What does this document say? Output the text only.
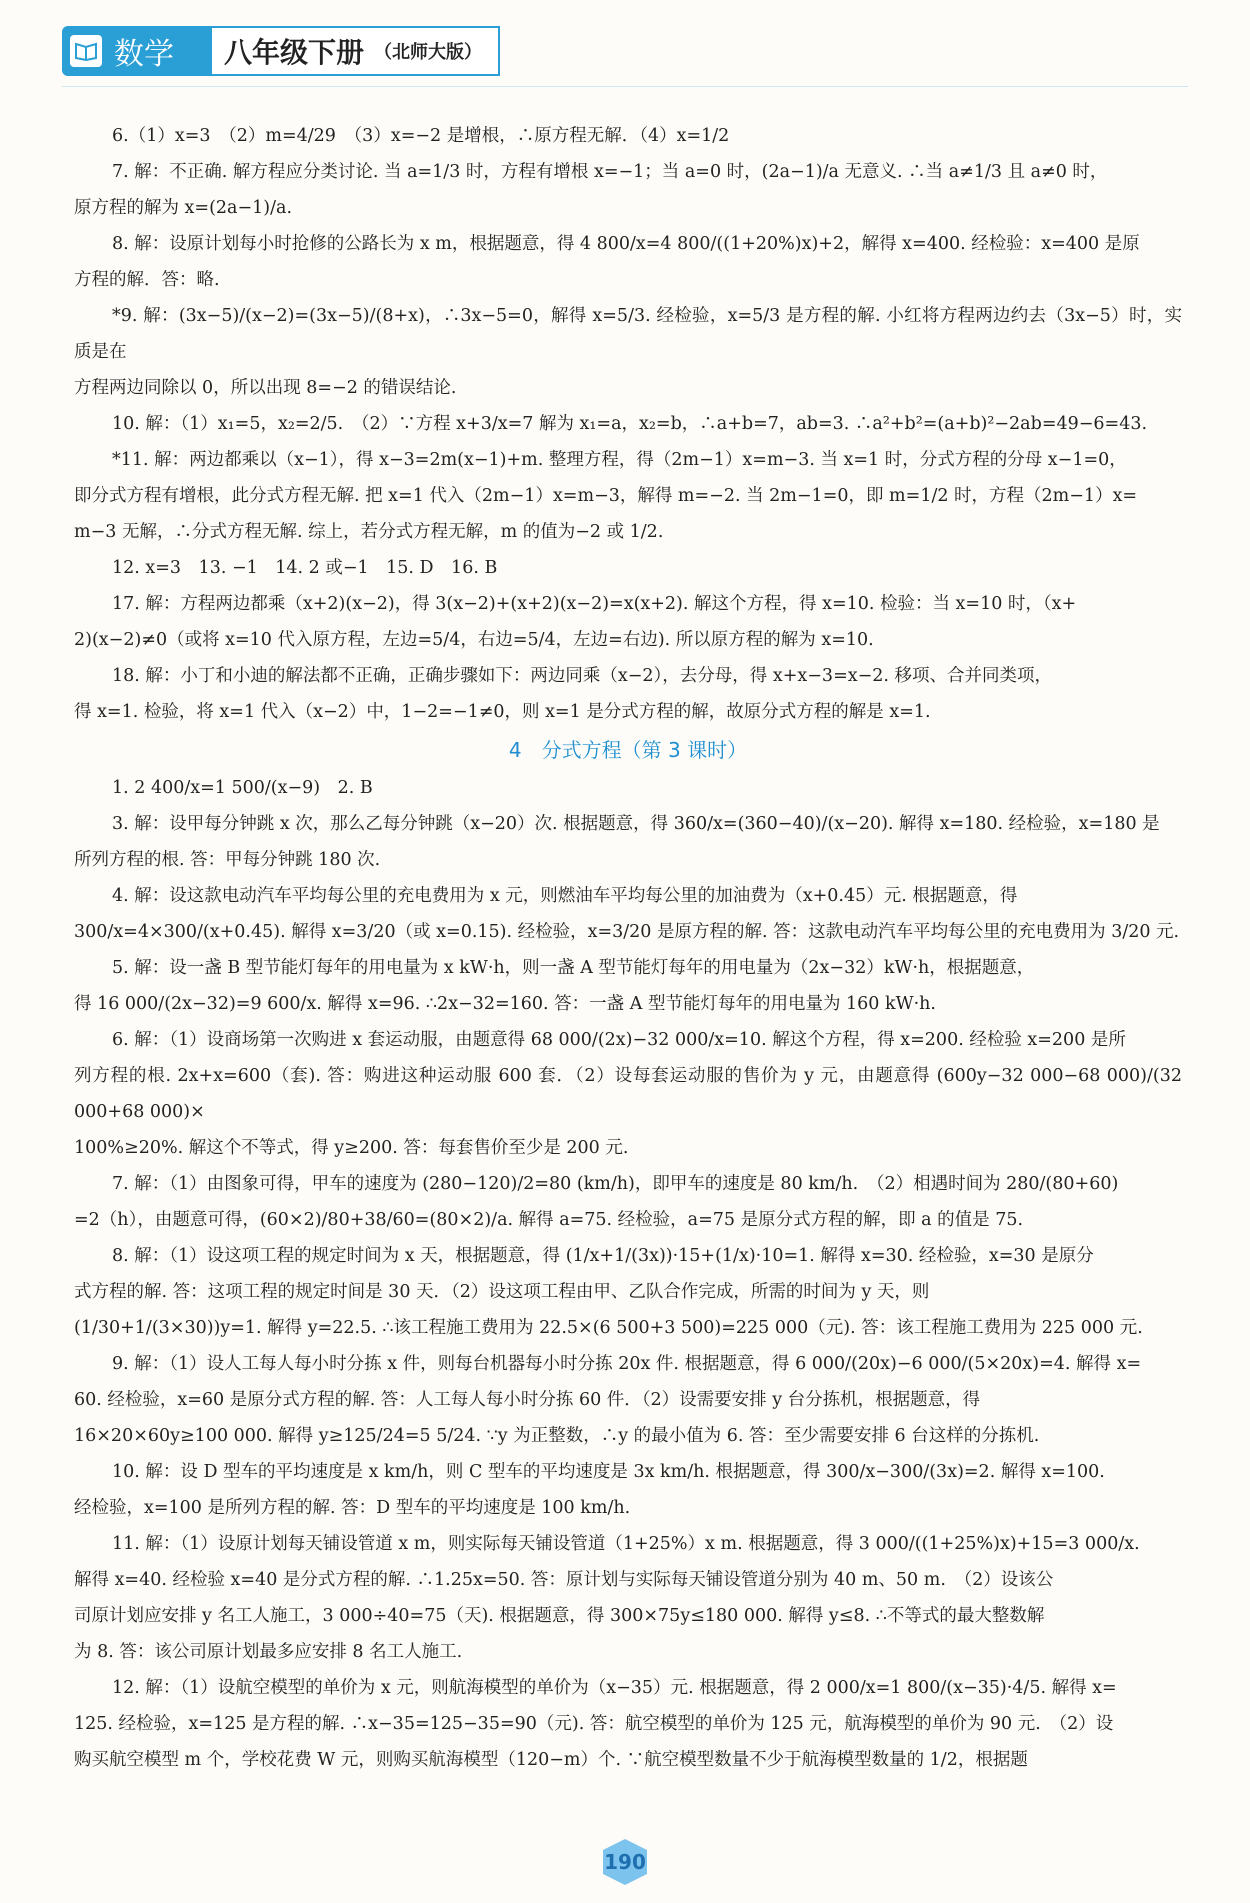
数学 八年级下册 （北师大版）
6.（1）x=3　（2）m=4/29　（3）x=−2 是增根，∴原方程无解．（4）x=1/2
7. 解：不正确. 解方程应分类讨论. 当 a=1/3 时，方程有增根 x=−1；当 a=0 时，(2a−1)/a 无意义. ∴当 a≠1/3 且 a≠0 时，
原方程的解为 x=(2a−1)/a.
8. 解：设原计划每小时抢修的公路长为 x m，根据题意，得 4 800/x=4 800/((1+20%)x)+2，解得 x=400. 经检验：x=400 是原
方程的解．答：略.
*9. 解：(3x−5)/(x−2)=(3x−5)/(8+x)，∴3x−5=0，解得 x=5/3. 经检验，x=5/3 是方程的解. 小红将方程两边约去（3x−5）时，实质是在
方程两边同除以 0，所以出现 8=−2 的错误结论.
10. 解：（1）x₁=5，x₂=2/5.　（2）∵方程 x+3/x=7 解为 x₁=a，x₂=b，∴a+b=7，ab=3. ∴a²+b²=(a+b)²−2ab=49−6=43.
*11. 解：两边都乘以（x−1），得 x−3=2m(x−1)+m. 整理方程，得（2m−1）x=m−3. 当 x=1 时，分式方程的分母 x−1=0，
即分式方程有增根，此分式方程无解. 把 x=1 代入（2m−1）x=m−3，解得 m=−2. 当 2m−1=0，即 m=1/2 时，方程（2m−1）x=
m−3 无解，∴分式方程无解. 综上，若分式方程无解，m 的值为−2 或 1/2.
12. x=3　13. −1　14. 2 或−1　15. D　16. B
17. 解：方程两边都乘（x+2)(x−2)，得 3(x−2)+(x+2)(x−2)=x(x+2). 解这个方程，得 x=10. 检验：当 x=10 时，（x+
2)(x−2)≠0（或将 x=10 代入原方程，左边=5/4，右边=5/4，左边=右边). 所以原方程的解为 x=10.
18. 解：小丁和小迪的解法都不正确，正确步骤如下：两边同乘（x−2），去分母，得 x+x−3=x−2. 移项、合并同类项，
得 x=1. 检验，将 x=1 代入（x−2）中，1−2=−1≠0，则 x=1 是分式方程的解，故原分式方程的解是 x=1.
4　分式方程（第 3 课时）
1. 2 400/x=1 500/(x−9)　2. B
3. 解：设甲每分钟跳 x 次，那么乙每分钟跳（x−20）次. 根据题意，得 360/x=(360−40)/(x−20). 解得 x=180. 经检验，x=180 是
所列方程的根. 答：甲每分钟跳 180 次.
4. 解：设这款电动汽车平均每公里的充电费用为 x 元，则燃油车平均每公里的加油费为（x+0.45）元. 根据题意，得
300/x=4×300/(x+0.45). 解得 x=3/20（或 x=0.15). 经检验，x=3/20 是原方程的解. 答：这款电动汽车平均每公里的充电费用为 3/20 元.
5. 解：设一盏 B 型节能灯每年的用电量为 x kW·h，则一盏 A 型节能灯每年的用电量为（2x−32）kW·h，根据题意，
得 16 000/(2x−32)=9 600/x. 解得 x=96. ∴2x−32=160. 答：一盏 A 型节能灯每年的用电量为 160 kW·h.
6. 解：（1）设商场第一次购进 x 套运动服，由题意得 68 000/(2x)−32 000/x=10. 解这个方程，得 x=200. 经检验 x=200 是所
列方程的根. 2x+x=600（套). 答：购进这种运动服 600 套．（2）设每套运动服的售价为 y 元，由题意得 (600y−32 000−68 000)/(32 000+68 000)×
100%≥20%. 解这个不等式，得 y≥200. 答：每套售价至少是 200 元.
7. 解：（1）由图象可得，甲车的速度为 (280−120)/2=80 (km/h)，即甲车的速度是 80 km/h.　（2）相遇时间为 280/(80+60)
=2（h），由题意可得，(60×2)/80+38/60=(80×2)/a. 解得 a=75. 经检验，a=75 是原分式方程的解，即 a 的值是 75.
8. 解：（1）设这项工程的规定时间为 x 天，根据题意，得 (1/x+1/(3x))·15+(1/x)·10=1. 解得 x=30. 经检验，x=30 是原分
式方程的解. 答：这项工程的规定时间是 30 天．（2）设这项工程由甲、乙队合作完成，所需的时间为 y 天，则
(1/30+1/(3×30))y=1. 解得 y=22.5. ∴该工程施工费用为 22.5×(6 500+3 500)=225 000（元). 答：该工程施工费用为 225 000 元.
9. 解：（1）设人工每人每小时分拣 x 件，则每台机器每小时分拣 20x 件. 根据题意，得 6 000/(20x)−6 000/(5×20x)=4. 解得 x=
60. 经检验，x=60 是原分式方程的解. 答：人工每人每小时分拣 60 件．（2）设需要安排 y 台分拣机，根据题意，得
16×20×60y≥100 000. 解得 y≥125/24=5 5/24. ∵y 为正整数，∴y 的最小值为 6. 答：至少需要安排 6 台这样的分拣机.
10. 解：设 D 型车的平均速度是 x km/h，则 C 型车的平均速度是 3x km/h. 根据题意，得 300/x−300/(3x)=2. 解得 x=100.
经检验，x=100 是所列方程的解. 答：D 型车的平均速度是 100 km/h.
11. 解：（1）设原计划每天铺设管道 x m，则实际每天铺设管道（1+25%）x m. 根据题意，得 3 000/((1+25%)x)+15=3 000/x.
解得 x=40. 经检验 x=40 是分式方程的解. ∴1.25x=50. 答：原计划与实际每天铺设管道分别为 40 m、50 m.　（2）设该公
司原计划应安排 y 名工人施工，3 000÷40=75（天). 根据题意，得 300×75y≤180 000. 解得 y≤8. ∴不等式的最大整数解
为 8. 答：该公司原计划最多应安排 8 名工人施工.
12. 解：（1）设航空模型的单价为 x 元，则航海模型的单价为（x−35）元. 根据题意，得 2 000/x=1 800/(x−35)·4/5. 解得 x=
125. 经检验，x=125 是方程的解. ∴x−35=125−35=90（元). 答：航空模型的单价为 125 元，航海模型的单价为 90 元.　（2）设
购买航空模型 m 个，学校花费 W 元，则购买航海模型（120−m）个. ∵航空模型数量不少于航海模型数量的 1/2，根据题
190
